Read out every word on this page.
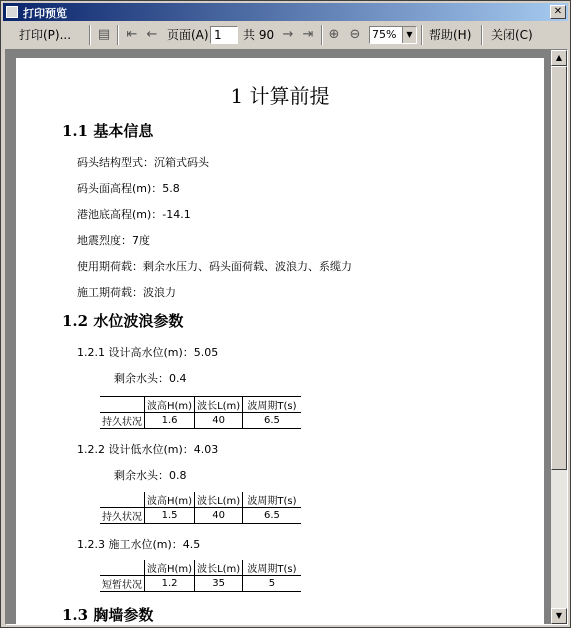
打印预览	✕
打印(P)... ▤ ⇤ ← 页面(A) 1	共 90 → ⇥ ⊕ ⊖	75%	▼ 帮助(H) 关闭(C)
1 计算前提
1.1 基本信息
码头结构型式：沉箱式码头
码头面高程(m)：5.8
港池底高程(m)：-14.1
地震烈度：7度
使用期荷载：剩余水压力、码头面荷载、波浪力、系缆力
施工期荷载：波浪力
1.2 水位波浪参数
1.2.1 设计高水位(m)：5.05
剩余水头：0.4
	波高H(m)	波长L(m)	波周期T(s)
持久状况	1.6	40	6.5
1.2.2 设计低水位(m)：4.03
剩余水头：0.8
	波高H(m)	波长L(m)	波周期T(s)
持久状况	1.5	40	6.5
1.2.3 施工水位(m)：4.5
	波高H(m)	波长L(m)	波周期T(s)
短暂状况	1.2	35	5
1.3 胸墙参数
▲
▼
